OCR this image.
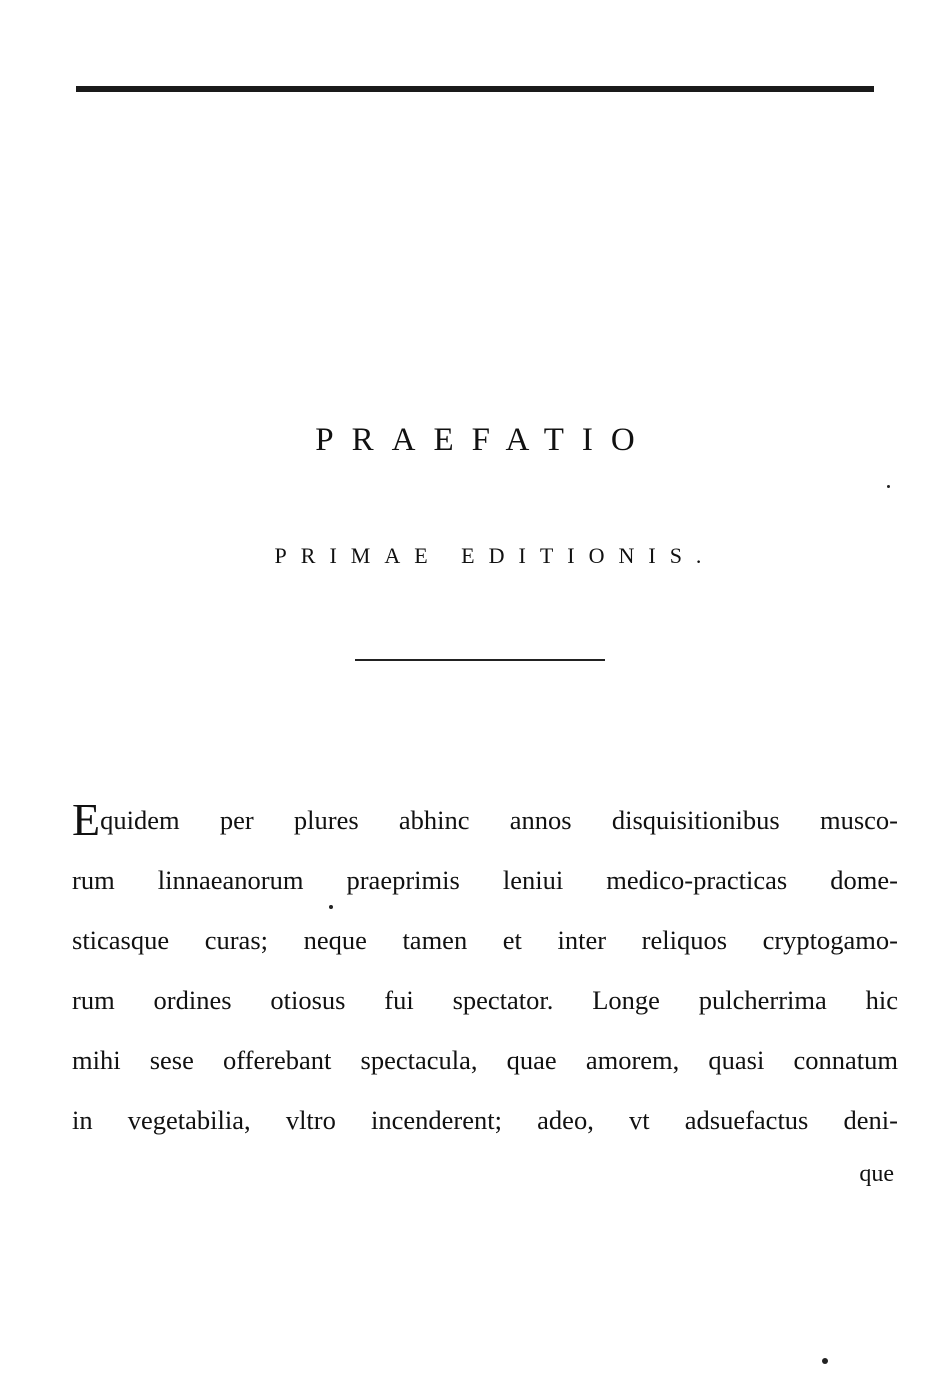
PRAEFATIO
PRIMAE EDITIONIS.
Equidem per plures abhinc annos disquisitionibus musco-
rum linnaeanorum praeprimis leniui medico-practicas dome-
sticasque curas; neque tamen et inter reliquos cryptogamo-
rum ordines otiosus fui spectator. Longe pulcherrima hic
mihi sese offerebant spectacula, quae amorem, quasi connatum
in vegetabilia, vltro incenderent; adeo, vt adsuefactus deni-
que
